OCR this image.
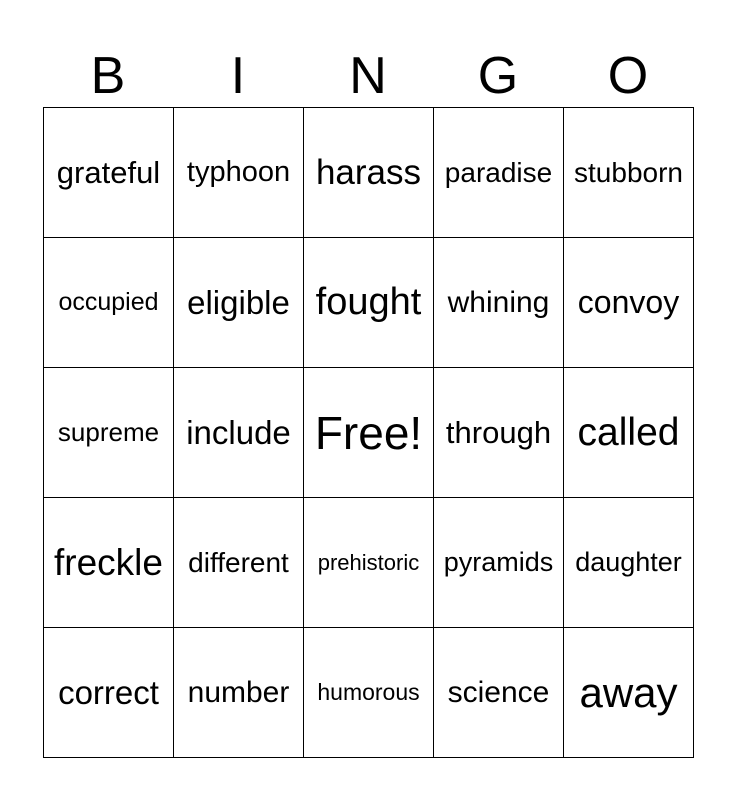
B	I	N	G	O
grateful	typhoon	harass	paradise	stubborn
occupied	eligible	fought	whining	convoy
supreme	include	Free!	through	called
freckle	different	prehistoric	pyramids	daughter
correct	number	humorous	science	away
